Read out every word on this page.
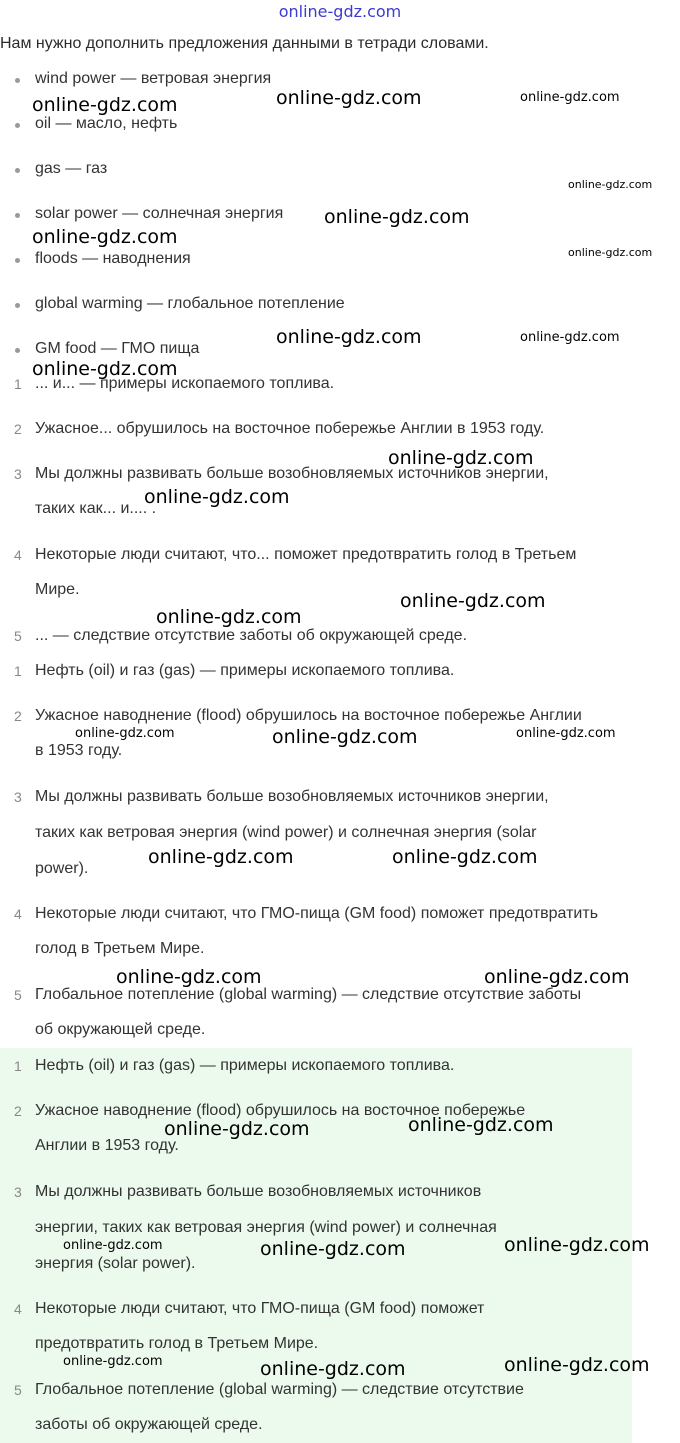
online-gdz.com
Нам нужно дополнить предложения данными в тетради словами.
wind power — ветровая энергия
oil — масло, нефть
gas — газ
solar power — солнечная энергия
floods — наводнения
global warming — глобальное потепление
GM food — ГМО пища
1 ... и... — примеры ископаемого топлива.
2 Ужасное... обрушилось на восточное побережье Англии в 1953 году.
3 Мы должны развивать больше возобновляемых источников энергии,
таких как... и.... .
4 Некоторые люди считают, что... поможет предотвратить голод в Третьем
Мире.
5 ... — следствие отсутствие заботы об окружающей среде.
1 Нефть (oil) и газ (gas) — примеры ископаемого топлива.
2 Ужасное наводнение (flood) обрушилось на восточное побережье Англии
в 1953 году.
3 Мы должны развивать больше возобновляемых источников энергии,
таких как ветровая энергия (wind power) и солнечная энергия (solar
power).
4 Некоторые люди считают, что ГМО-пища (GM food) поможет предотвратить
голод в Третьем Мире.
5 Глобальное потепление (global warming) — следствие отсутствие заботы
об окружающей среде.
1 Нефть (oil) и газ (gas) — примеры ископаемого топлива.
2 Ужасное наводнение (flood) обрушилось на восточное побережье
Англии в 1953 году.
3 Мы должны развивать больше возобновляемых источников
энергии, таких как ветровая энергия (wind power) и солнечная
энергия (solar power).
4 Некоторые люди считают, что ГМО-пища (GM food) поможет
предотвратить голод в Третьем Мире.
5 Глобальное потепление (global warming) — следствие отсутствие
заботы об окружающей среде.
online-gdz.com	online-gdz.com	online-gdz.com
online-gdz.com
online-gdz.com
online-gdz.com
online-gdz.com
online-gdz.com	online-gdz.com
online-gdz.com
online-gdz.com
online-gdz.com
online-gdz.com
online-gdz.com
online-gdz.com	online-gdz.com	online-gdz.com
online-gdz.com	online-gdz.com
online-gdz.com	online-gdz.com
online-gdz.com
online-gdz.com
online-gdz.com	online-gdz.com	online-gdz.com
online-gdz.com	online-gdz.com	online-gdz.com
